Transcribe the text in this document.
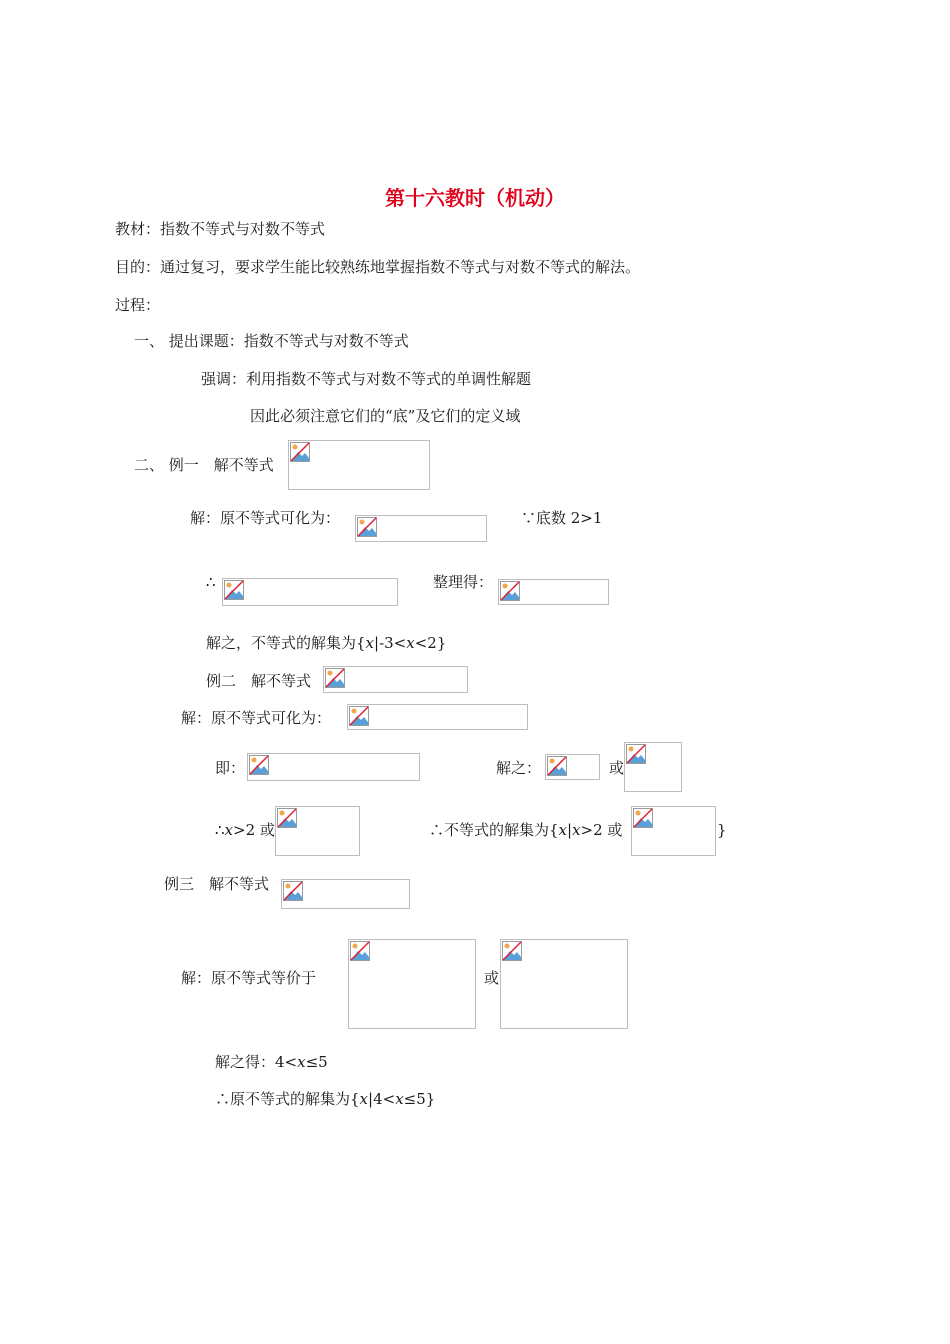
第十六教时（机动）
教材：指数不等式与对数不等式
目的：通过复习，要求学生能比较熟练地掌握指数不等式与对数不等式的解法。
过程：
一、 提出课题：指数不等式与对数不等式
强调：利用指数不等式与对数不等式的单调性解题
因此必须注意它们的“底”及它们的定义域
二、 例一　解不等式
解：原不等式可化为：	∵底数 2>1
∴	整理得：
解之，不等式的解集为{x|-3<x<2}
例二　解不等式
解：原不等式可化为：
即：	解之：	或
∴x>2 或	∴不等式的解集为{x|x>2 或	}
例三　解不等式
解：原不等式等价于	或
解之得：4<x≤5
∴原不等式的解集为{x|4<x≤5}
